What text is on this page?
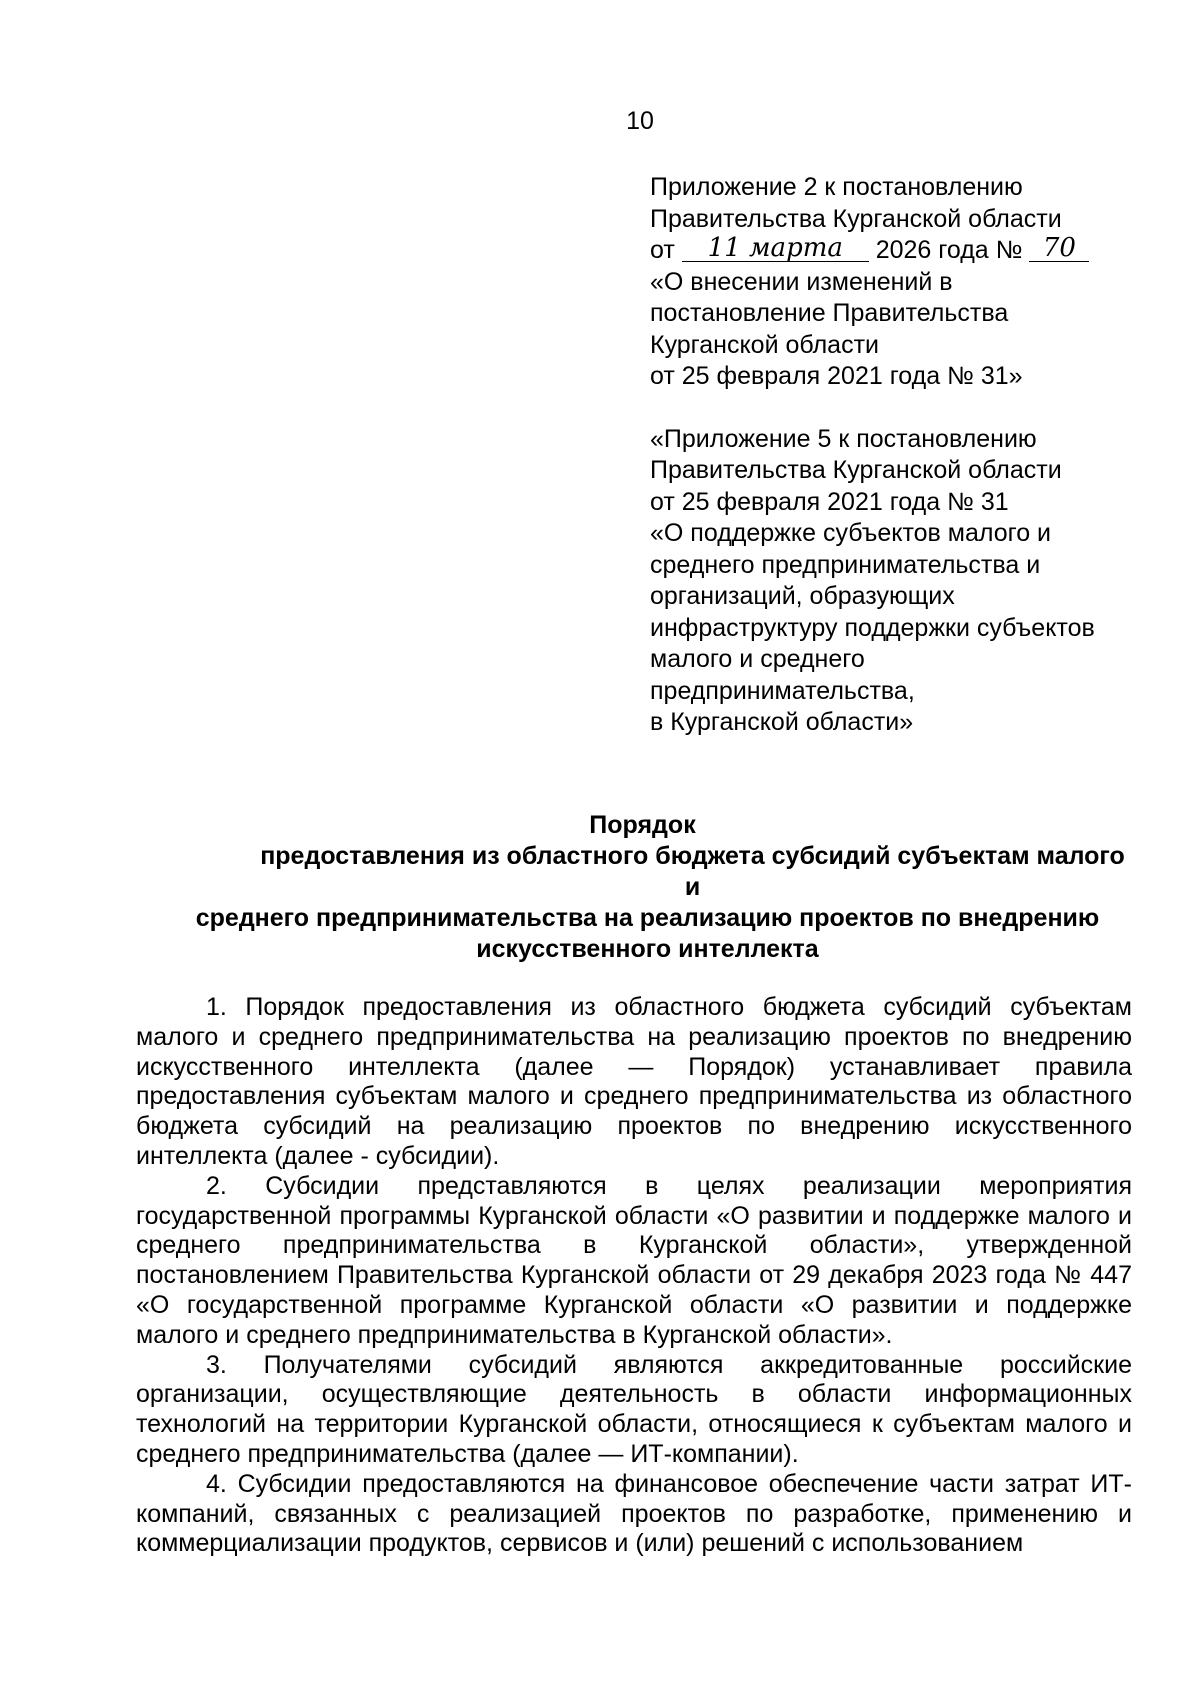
10
Приложение 2 к постановлению
Правительства Курганской области
от 11 марта 2026 года № 70
«О внесении изменений в
постановление Правительства
Курганской области
от 25 февраля 2021 года № 31»
«Приложение 5 к постановлению
Правительства Курганской области
от 25 февраля 2021 года № 31
«О поддержке субъектов малого и
среднего предпринимательства и
организаций, образующих
инфраструктуру поддержки субъектов
малого и среднего
предпринимательства,
в Курганской области»
Порядок
предоставления из областного бюджета субсидий субъектам малого и
среднего предпринимательства на реализацию проектов по внедрению
искусственного интеллекта

1. Порядок предоставления из областного бюджета субсидий субъектам малого и среднего предпринимательства на реализацию проектов по внедрению искусственного интеллекта (далее — Порядок) устанавливает правила предоставления субъектам малого и среднего предпринимательства из областного бюджета субсидий на реализацию проектов по внедрению искусственного интеллекта (далее - субсидии).

2. Субсидии представляются в целях реализации мероприятия государственной программы Курганской области «О развитии и поддержке малого и среднего предпринимательства в Курганской области», утвержденной постановлением Правительства Курганской области от 29 декабря 2023 года № 447 «О государственной программе Курганской области «О развитии и поддержке малого и среднего предпринимательства в Курганской области».

3. Получателями субсидий являются аккредитованные российские организации, осуществляющие деятельность в области информационных технологий на территории Курганской области, относящиеся к субъектам малого и среднего предпринимательства (далее — ИТ-компании).

4. Субсидии предоставляются на финансовое обеспечение части затрат ИТ-компаний, связанных с реализацией проектов по разработке, применению и коммерциализации продуктов, сервисов и (или) решений с использованием
